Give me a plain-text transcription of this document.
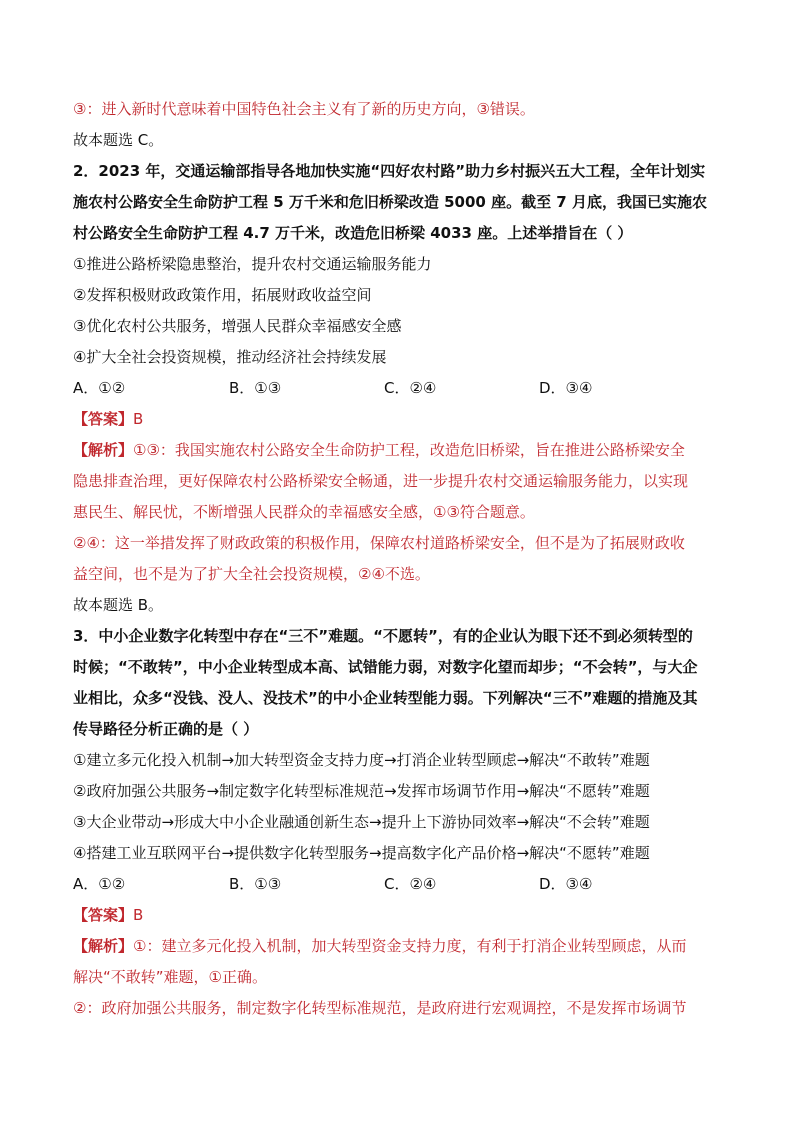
③：进入新时代意味着中国特色社会主义有了新的历史方向，③错误。
故本题选 C。
2．2023 年，交通运输部指导各地加快实施“四好农村路”助力乡村振兴五大工程，全年计划实
施农村公路安全生命防护工程 5 万千米和危旧桥梁改造 5000 座。截至 7 月底，我国已实施农
村公路安全生命防护工程 4.7 万千米，改造危旧桥梁 4033 座。上述举措旨在（ ）
①推进公路桥梁隐患整治，提升农村交通运输服务能力
②发挥积极财政政策作用，拓展财政收益空间
③优化农村公共服务，增强人民群众幸福感安全感
④扩大全社会投资规模，推动经济社会持续发展
A．①②	B．①③	C．②④	D．③④
【答案】B
【解析】①③：我国实施农村公路安全生命防护工程，改造危旧桥梁，旨在推进公路桥梁安全
隐患排查治理，更好保障农村公路桥梁安全畅通，进一步提升农村交通运输服务能力，以实现
惠民生、解民忧，不断增强人民群众的幸福感安全感，①③符合题意。
②④：这一举措发挥了财政政策的积极作用，保障农村道路桥梁安全，但不是为了拓展财政收
益空间，也不是为了扩大全社会投资规模，②④不选。
故本题选 B。
3．中小企业数字化转型中存在“三不”难题。“不愿转”，有的企业认为眼下还不到必须转型的
时候；“不敢转”，中小企业转型成本高、试错能力弱，对数字化望而却步；“不会转”，与大企
业相比，众多“没钱、没人、没技术”的中小企业转型能力弱。下列解决“三不”难题的措施及其
传导路径分析正确的是（ ）
①建立多元化投入机制→加大转型资金支持力度→打消企业转型顾虑→解决“不敢转”难题
②政府加强公共服务→制定数字化转型标准规范→发挥市场调节作用→解决“不愿转”难题
③大企业带动→形成大中小企业融通创新生态→提升上下游协同效率→解决“不会转”难题
④搭建工业互联网平台→提供数字化转型服务→提高数字化产品价格→解决“不愿转”难题
A．①②	B．①③	C．②④	D．③④
【答案】B
【解析】①：建立多元化投入机制，加大转型资金支持力度，有利于打消企业转型顾虑，从而
解决“不敢转”难题，①正确。
②：政府加强公共服务，制定数字化转型标准规范，是政府进行宏观调控，不是发挥市场调节
